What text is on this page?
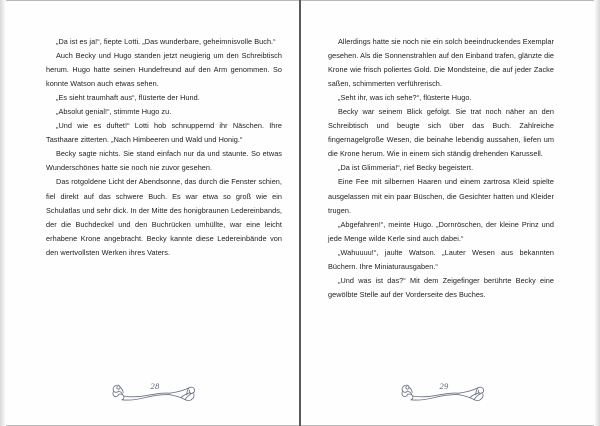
„Da ist es ja!“, fiepte Lotti. „Das wunderbare, geheimnisvolle Buch.“

Auch Becky und Hugo standen jetzt neugierig um den Schreibtisch herum. Hugo hatte seinen Hundefreund auf den Arm genommen. So konnte Watson auch etwas sehen.

„Es sieht traumhaft aus“, flüsterte der Hund.

„Absolut genial!“, stimmte Hugo zu.

„Und wie es duftet!“ Lotti hob schnuppernd ihr Näschen. Ihre Tasthaare zitterten. „Nach Himbeeren und Wald und Honig.“

Becky sagte nichts. Sie stand einfach nur da und staunte. So etwas Wunderschönes hatte sie noch nie zuvor gesehen.

Das rotgoldene Licht der Abendsonne, das durch die Fenster schien, fiel direkt auf das schwere Buch. Es war etwa so groß wie ein Schulatlas und sehr dick. In der Mitte des honigbraunen Ledereinbands, der die Buchdeckel und den Buchrücken umhüllte, war eine leicht erhabene Krone angebracht. Becky kannte diese Ledereinbände von den wertvollsten Werken ihres Vaters.

28

Allerdings hatte sie noch nie ein solch beeindruckendes Exemplar gesehen. Als die Sonnenstrahlen auf den Einband trafen, glänzte die Krone wie frisch poliertes Gold. Die Mondsteine, die auf jeder Zacke saßen, schimmerten verführerisch.

„Seht ihr, was ich sehe?“, flüsterte Hugo.

Becky war seinem Blick gefolgt. Sie trat noch näher an den Schreibtisch und beugte sich über das Buch. Zahlreiche fingernagelgroße Wesen, die beinahe lebendig aussahen, liefen um die Krone herum. Wie in einem sich ständig drehenden Karussell.

„Da ist Glimmeria!“, rief Becky begeistert.

Eine Fee mit silbernen Haaren und einem zartrosa Kleid spielte ausgelassen mit ein paar Büschen, die Gesichter hatten und Kleider trugen.

„Abgefahren!“, meinte Hugo. „Dornröschen, der kleine Prinz und jede Menge wilde Kerle sind auch dabei.“

„Wahuuuu!“, jaulte Watson. „Lauter Wesen aus bekannten Büchern. Ihre Miniaturausgaben.“

„Und was ist das?“ Mit dem Zeigefinger berührte Becky eine gewölbte Stelle auf der Vorderseite des Buches.

29
